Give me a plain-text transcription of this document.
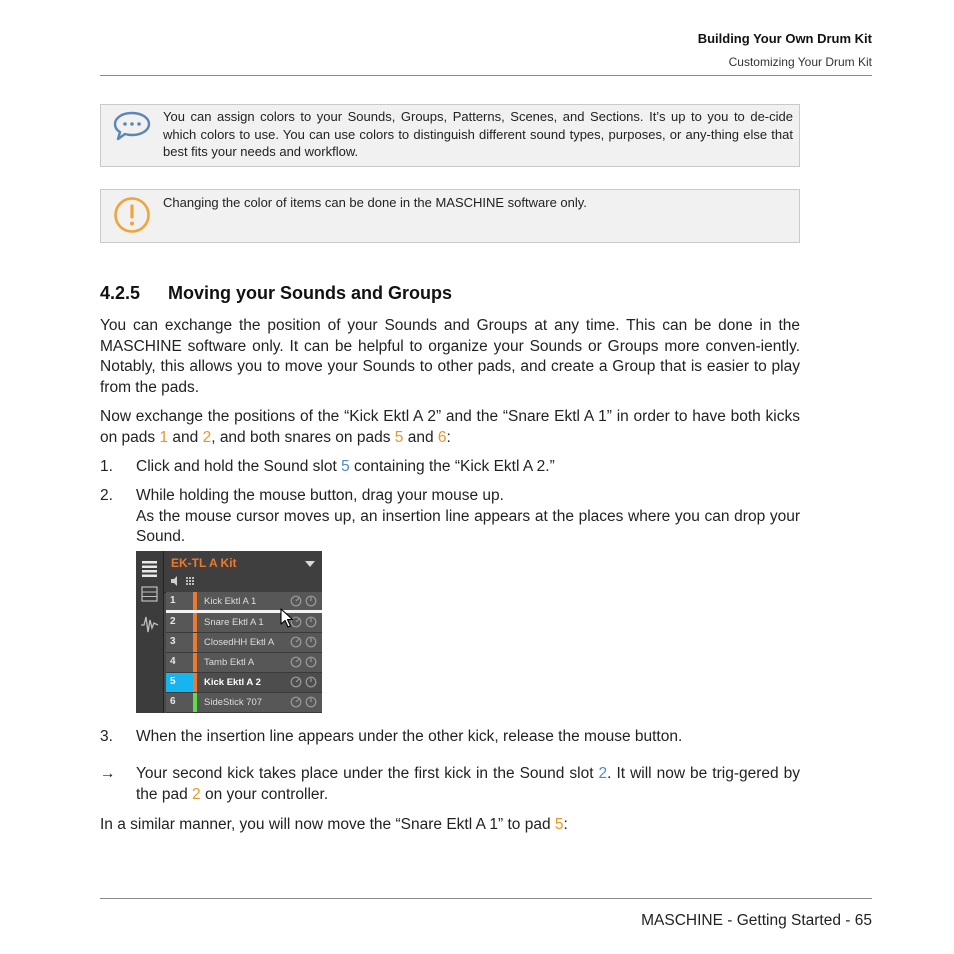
Building Your Own Drum Kit
Customizing Your Drum Kit
You can assign colors to your Sounds, Groups, Patterns, Scenes, and Sections. It’s up to you to de-cide which colors to use. You can use colors to distinguish different sound types, purposes, or any-thing else that best fits your needs and workflow.
Changing the color of items can be done in the MASCHINE software only.
4.2.5 Moving your Sounds and Groups
You can exchange the position of your Sounds and Groups at any time. This can be done in the MASCHINE software only. It can be helpful to organize your Sounds or Groups more conven-iently. Notably, this allows you to move your Sounds to other pads, and create a Group that is easier to play from the pads.
Now exchange the positions of the “Kick Ektl A 2” and the “Snare Ektl A 1” in order to have both kicks on pads 1 and 2, and both snares on pads 5 and 6:
1. Click and hold the Sound slot 5 containing the “Kick Ektl A 2.”
2. While holding the mouse button, drag your mouse up.
As the mouse cursor moves up, an insertion line appears at the places where you can drop your Sound.
EK-TL A Kit
1	Kick Ektl A 1
2	Snare Ektl A 1
3	ClosedHH Ektl A
4	Tamb Ektl A
5	Kick Ektl A 2
6	SideStick 707
3. When the insertion line appears under the other kick, release the mouse button.
→ Your second kick takes place under the first kick in the Sound slot 2. It will now be trig-gered by the pad 2 on your controller.
In a similar manner, you will now move the “Snare Ektl A 1” to pad 5:
MASCHINE - Getting Started - 65
